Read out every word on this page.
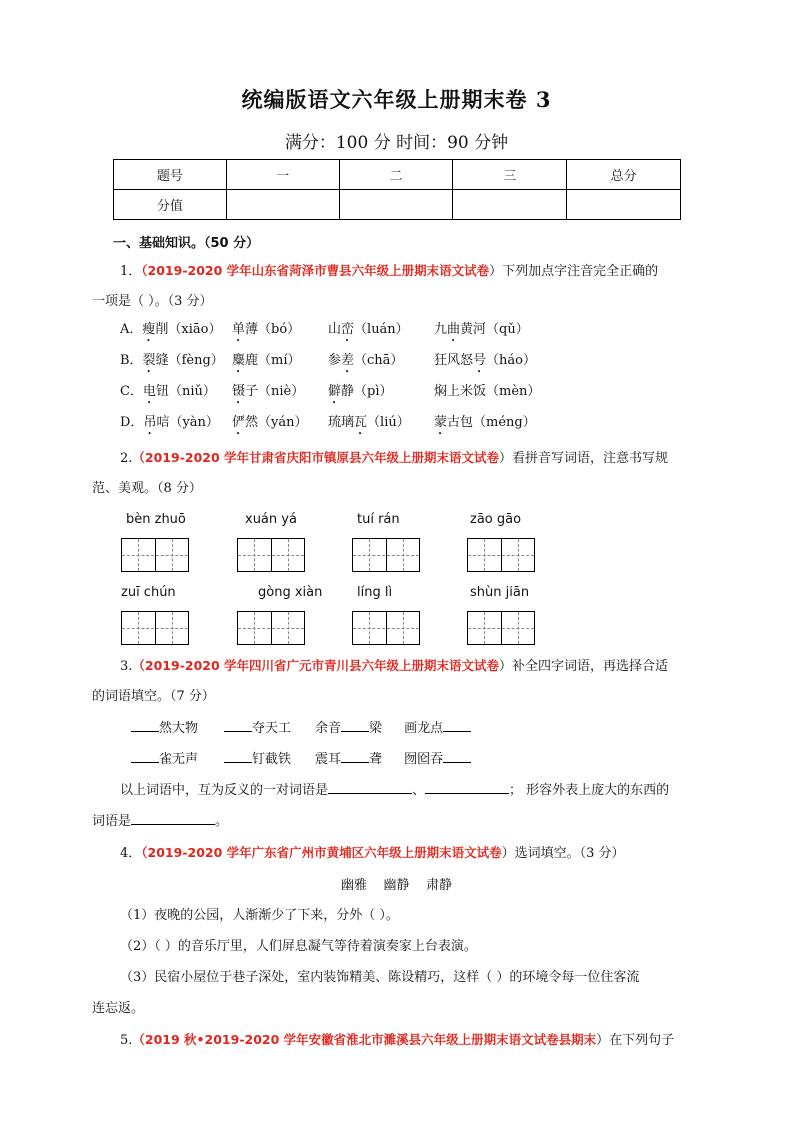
统编版语文六年级上册期末卷 3
满分：100 分 时间：90 分钟
题号	一	二	三	总分
分值				
一、基础知识。（50 分）
1．（2019-2020 学年山东省菏泽市曹县六年级上册期末语文试卷）下列加点字注音完全正确的
一项是（ ）。（3 分）
A．瘦削（xiāo） 单薄（bó） 山峦（luán） 九曲黄河（qǔ）
B．裂缝（fèng） 麋鹿（mí） 参差（chā） 狂风怒号（háo）
C．电钮（niǔ） 镊子（niè） 僻静（pì）	焖上米饭（mèn）
D．吊唁（yàn） 俨然（yán） 琉璃瓦（liú） 蒙古包（méng）
2.（2019-2020 学年甘肃省庆阳市镇原县六年级上册期末语文试卷）看拼音写词语，注意书写规
范、美观。（8 分）
bèn zhuō	xuán yá	tuí rán	zāo gāo
zuī chún	gòng xiàn	líng lì	shùn jiān
3.（2019-2020 学年四川省广元市青川县六年级上册期末语文试卷）补全四字词语，再选择合适
的词语填空。（7 分）
然大物	夺天工 余音 梁 画龙点
雀无声	钉截铁 震耳 聋 囫囵吞
以上词语中，互为反义的一对词语是	、	； 形容外表上庞大的东西的
词语是	。
4．（2019-2020 学年广东省广州市黄埔区六年级上册期末语文试卷）选词填空。（3 分）
幽雅    幽静    肃静
（1）夜晚的公园，人渐渐少了下来，分外（ ）。
（2）（ ）的音乐厅里，人们屏息凝气等待着演奏家上台表演。
（3）民宿小屋位于巷子深处，室内装饰精美、陈设精巧，这样（ ）的环境令每一位住客流
连忘返。
5.（2019 秋•2019-2020 学年安徽省淮北市濉溪县六年级上册期末语文试卷县期末）在下列句子
